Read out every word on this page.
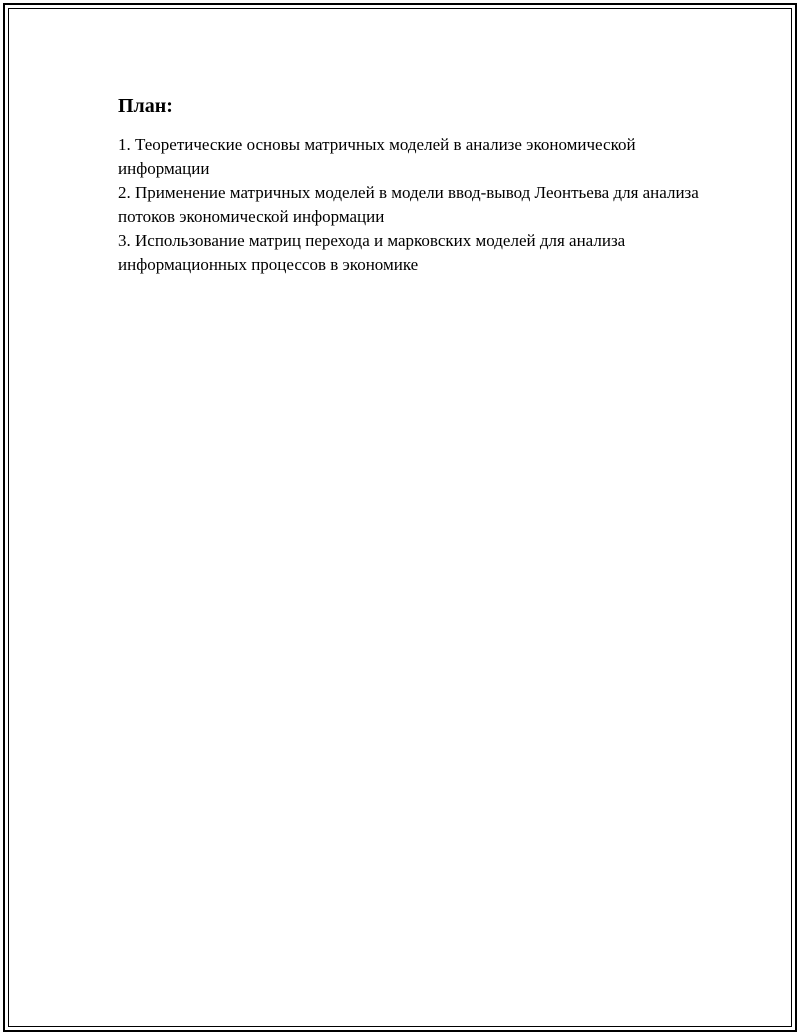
План:
1. Теоретические основы матричных моделей в анализе экономической информации
2. Применение матричных моделей в модели ввод-вывод Леонтьева для анализа потоков экономической информации
3. Использование матриц перехода и марковских моделей для анализа информационных процессов в экономике
